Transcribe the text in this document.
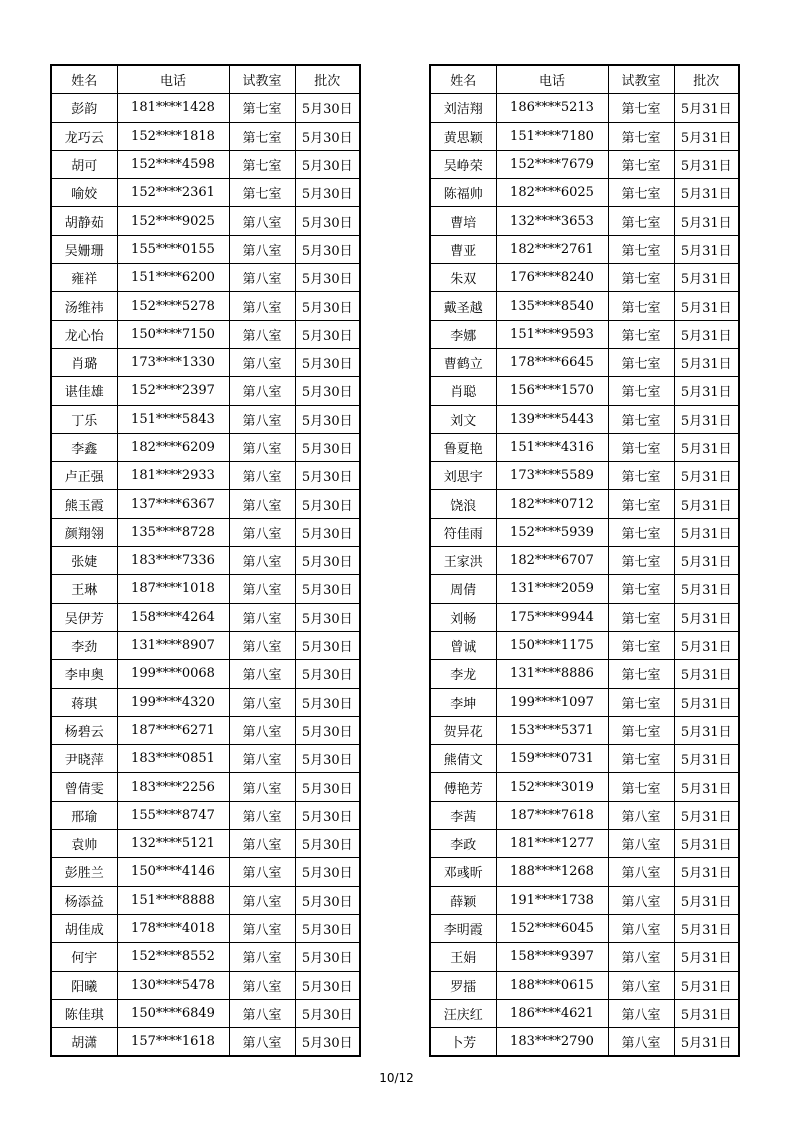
姓名	电话	试教室	批次
彭韵	181****1428	第七室	5月30日
龙巧云	152****1818	第七室	5月30日
胡可	152****4598	第七室	5月30日
喻姣	152****2361	第七室	5月30日
胡静茹	152****9025	第八室	5月30日
吴姗珊	155****0155	第八室	5月30日
雍祥	151****6200	第八室	5月30日
汤维祎	152****5278	第八室	5月30日
龙心怡	150****7150	第八室	5月30日
肖璐	173****1330	第八室	5月30日
谌佳雄	152****2397	第八室	5月30日
丁乐	151****5843	第八室	5月30日
李鑫	182****6209	第八室	5月30日
卢正强	181****2933	第八室	5月30日
熊玉霞	137****6367	第八室	5月30日
颜翔翎	135****8728	第八室	5月30日
张婕	183****7336	第八室	5月30日
王琳	187****1018	第八室	5月30日
吴伊芳	158****4264	第八室	5月30日
李劲	131****8907	第八室	5月30日
李申奥	199****0068	第八室	5月30日
蒋琪	199****4320	第八室	5月30日
杨碧云	187****6271	第八室	5月30日
尹晓萍	183****0851	第八室	5月30日
曾倩雯	183****2256	第八室	5月30日
邢瑜	155****8747	第八室	5月30日
袁帅	132****5121	第八室	5月30日
彭胜兰	150****4146	第八室	5月30日
杨添益	151****8888	第八室	5月30日
胡佳成	178****4018	第八室	5月30日
何宇	152****8552	第八室	5月30日
阳曦	130****5478	第八室	5月30日
陈佳琪	150****6849	第八室	5月30日
胡潇	157****1618	第八室	5月30日
姓名	电话	试教室	批次
刘洁翔	186****5213	第七室	5月31日
黄思颖	151****7180	第七室	5月31日
吴峥荣	152****7679	第七室	5月31日
陈福帅	182****6025	第七室	5月31日
曹培	132****3653	第七室	5月31日
曹亚	182****2761	第七室	5月31日
朱双	176****8240	第七室	5月31日
戴圣越	135****8540	第七室	5月31日
李娜	151****9593	第七室	5月31日
曹鹤立	178****6645	第七室	5月31日
肖聪	156****1570	第七室	5月31日
刘文	139****5443	第七室	5月31日
鲁夏艳	151****4316	第七室	5月31日
刘思宇	173****5589	第七室	5月31日
饶浪	182****0712	第七室	5月31日
符佳雨	152****5939	第七室	5月31日
王家洪	182****6707	第七室	5月31日
周倩	131****2059	第七室	5月31日
刘畅	175****9944	第七室	5月31日
曾诚	150****1175	第七室	5月31日
李龙	131****8886	第七室	5月31日
李坤	199****1097	第七室	5月31日
贺异花	153****5371	第七室	5月31日
熊倩文	159****0731	第七室	5月31日
傅艳芳	152****3019	第七室	5月31日
李茜	187****7618	第八室	5月31日
李政	181****1277	第八室	5月31日
邓彧昕	188****1268	第八室	5月31日
薛颖	191****1738	第八室	5月31日
李明霞	152****6045	第八室	5月31日
王娟	158****9397	第八室	5月31日
罗擂	188****0615	第八室	5月31日
汪庆红	186****4621	第八室	5月31日
卜芳	183****2790	第八室	5月31日
10/12
